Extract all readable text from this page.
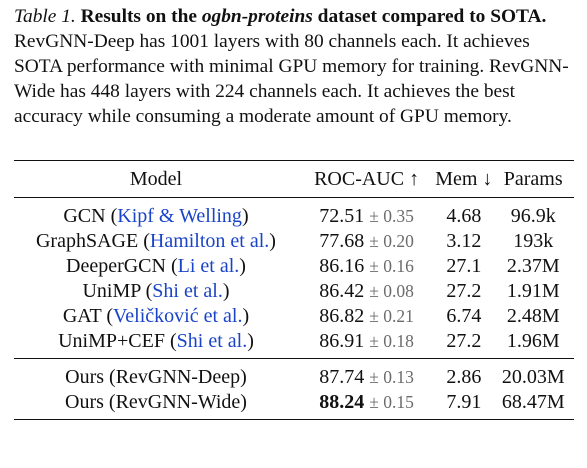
Table 1. Results on the ogbn-proteins dataset compared to SOTA. RevGNN-Deep has 1001 layers with 80 channels each. It achieves SOTA performance with minimal GPU memory for training. RevGNN-Wide has 448 layers with 224 channels each. It achieves the best accuracy while consuming a moderate amount of GPU memory.
Model	ROC-AUC ↑	Mem ↓	Params
GCN (Kipf & Welling)	72.51 ± 0.35	4.68	96.9k
GraphSAGE (Hamilton et al.)	77.68 ± 0.20	3.12	193k
DeeperGCN (Li et al.)	86.16 ± 0.16	27.1	2.37M
UniMP (Shi et al.)	86.42 ± 0.08	27.2	1.91M
GAT (Veličković et al.)	86.82 ± 0.21	6.74	2.48M
UniMP+CEF (Shi et al.)	86.91 ± 0.18	27.2	1.96M
Ours (RevGNN-Deep)	87.74 ± 0.13	2.86	20.03M
Ours (RevGNN-Wide)	88.24 ± 0.15	7.91	68.47M
